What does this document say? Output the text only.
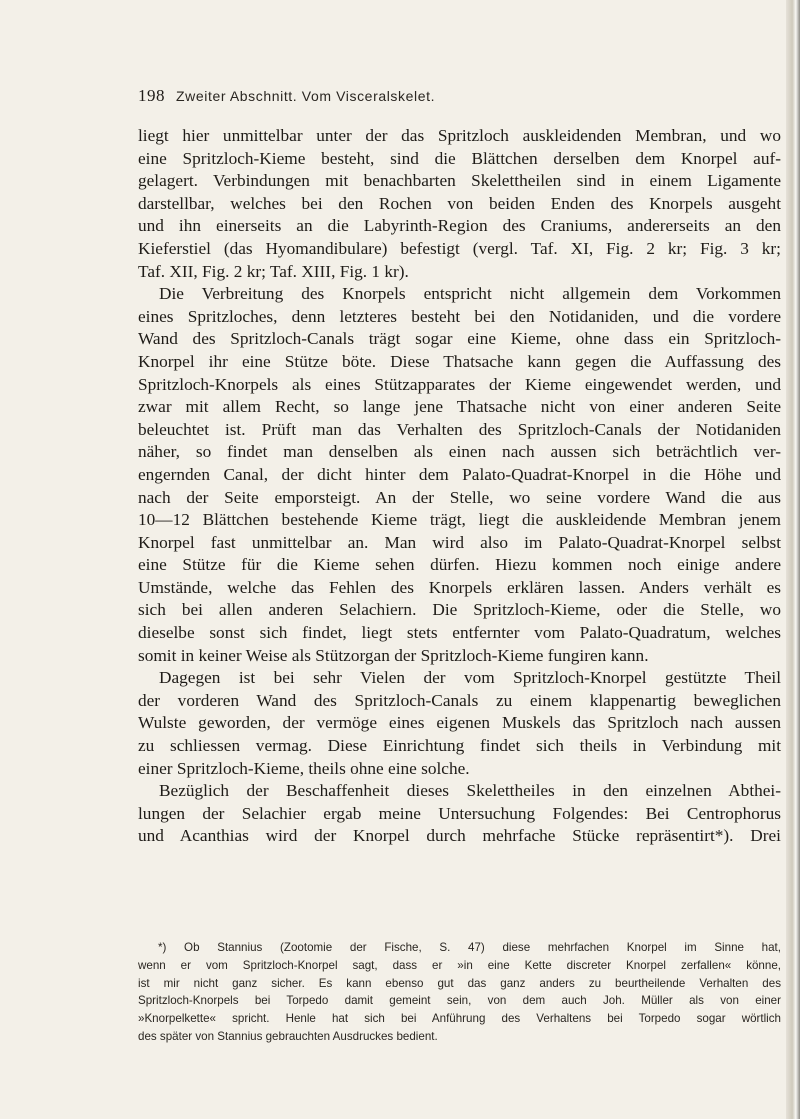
198 Zweiter Abschnitt. Vom Visceralskelet.
liegt hier unmittelbar unter der das Spritzloch auskleidenden Membran, und wo
eine Spritzloch-Kieme besteht, sind die Blättchen derselben dem Knorpel auf-
gelagert. Verbindungen mit benachbarten Skelettheilen sind in einem Ligamente
darstellbar, welches bei den Rochen von beiden Enden des Knorpels ausgeht
und ihn einerseits an die Labyrinth-Region des Craniums, andererseits an den
Kieferstiel (das Hyomandibulare) befestigt (vergl. Taf. XI, Fig. 2 kr; Fig. 3 kr;
Taf. XII, Fig. 2 kr; Taf. XIII, Fig. 1 kr).
Die Verbreitung des Knorpels entspricht nicht allgemein dem Vorkommen
eines Spritzloches, denn letzteres besteht bei den Notidaniden, und die vordere
Wand des Spritzloch-Canals trägt sogar eine Kieme, ohne dass ein Spritzloch-
Knorpel ihr eine Stütze böte. Diese Thatsache kann gegen die Auffassung des
Spritzloch-Knorpels als eines Stützapparates der Kieme eingewendet werden, und
zwar mit allem Recht, so lange jene Thatsache nicht von einer anderen Seite
beleuchtet ist. Prüft man das Verhalten des Spritzloch-Canals der Notidaniden
näher, so findet man denselben als einen nach aussen sich beträchtlich ver-
engernden Canal, der dicht hinter dem Palato-Quadrat-Knorpel in die Höhe und
nach der Seite emporsteigt. An der Stelle, wo seine vordere Wand die aus
10—12 Blättchen bestehende Kieme trägt, liegt die auskleidende Membran jenem
Knorpel fast unmittelbar an. Man wird also im Palato-Quadrat-Knorpel selbst
eine Stütze für die Kieme sehen dürfen. Hiezu kommen noch einige andere
Umstände, welche das Fehlen des Knorpels erklären lassen. Anders verhält es
sich bei allen anderen Selachiern. Die Spritzloch-Kieme, oder die Stelle, wo
dieselbe sonst sich findet, liegt stets entfernter vom Palato-Quadratum, welches
somit in keiner Weise als Stützorgan der Spritzloch-Kieme fungiren kann.
Dagegen ist bei sehr Vielen der vom Spritzloch-Knorpel gestützte Theil
der vorderen Wand des Spritzloch-Canals zu einem klappenartig beweglichen
Wulste geworden, der vermöge eines eigenen Muskels das Spritzloch nach aussen
zu schliessen vermag. Diese Einrichtung findet sich theils in Verbindung mit
einer Spritzloch-Kieme, theils ohne eine solche.
Bezüglich der Beschaffenheit dieses Skelettheiles in den einzelnen Abthei-
lungen der Selachier ergab meine Untersuchung Folgendes: Bei Centrophorus
und Acanthias wird der Knorpel durch mehrfache Stücke repräsentirt*). Drei
*) Ob Stannius (Zootomie der Fische, S. 47) diese mehrfachen Knorpel im Sinne hat,
wenn er vom Spritzloch-Knorpel sagt, dass er »in eine Kette discreter Knorpel zerfallen« könne,
ist mir nicht ganz sicher. Es kann ebenso gut das ganz anders zu beurtheilende Verhalten des
Spritzloch-Knorpels bei Torpedo damit gemeint sein, von dem auch Joh. Müller als von einer
»Knorpelkette« spricht. Henle hat sich bei Anführung des Verhaltens bei Torpedo sogar wörtlich
des später von Stannius gebrauchten Ausdruckes bedient.
